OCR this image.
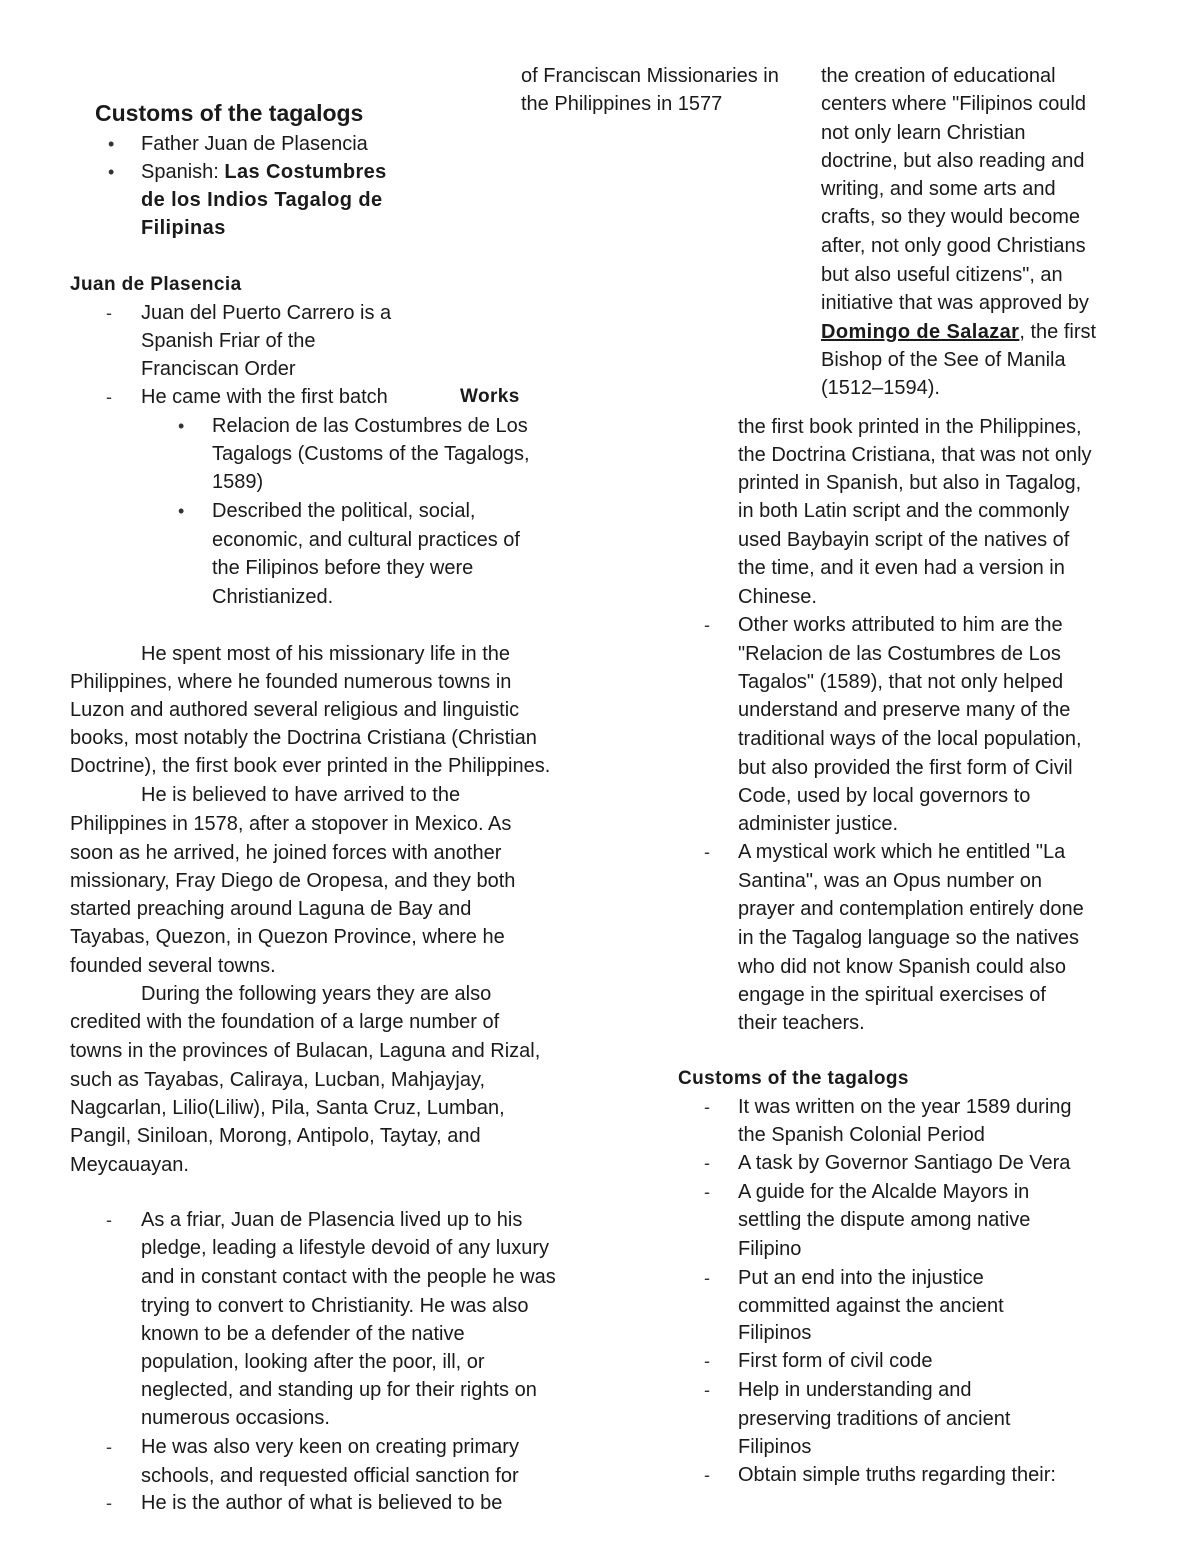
Customs of the tagalogs
• Father Juan de Plasencia
• Spanish: Las Costumbres
de los Indios Tagalog de
Filipinas
Juan de Plasencia
- Juan del Puerto Carrero is a
Spanish Friar of the
Franciscan Order
- He came with the first batch	Works
• Relacion de las Costumbres de Los
Tagalogs (Customs of the Tagalogs,
1589)
• Described the political, social,
economic, and cultural practices of
the Filipinos before they were
Christianized.
He spent most of his missionary life in the
Philippines, where he founded numerous towns in
Luzon and authored several religious and linguistic
books, most notably the Doctrina Cristiana (Christian
Doctrine), the first book ever printed in the Philippines.
He is believed to have arrived to the
Philippines in 1578, after a stopover in Mexico. As
soon as he arrived, he joined forces with another
missionary, Fray Diego de Oropesa, and they both
started preaching around Laguna de Bay and
Tayabas, Quezon, in Quezon Province, where he
founded several towns.
During the following years they are also
credited with the foundation of a large number of
towns in the provinces of Bulacan, Laguna and Rizal,
such as Tayabas, Caliraya, Lucban, Mahjayjay,
Nagcarlan, Lilio(Liliw), Pila, Santa Cruz, Lumban,
Pangil, Siniloan, Morong, Antipolo, Taytay, and
Meycauayan.
- As a friar, Juan de Plasencia lived up to his
pledge, leading a lifestyle devoid of any luxury
and in constant contact with the people he was
trying to convert to Christianity. He was also
known to be a defender of the native
population, looking after the poor, ill, or
neglected, and standing up for their rights on
numerous occasions.
- He was also very keen on creating primary
schools, and requested official sanction for
- He is the author of what is believed to be
of Franciscan Missionaries in
the Philippines in 1577
the creation of educational
centers where "Filipinos could
not only learn Christian
doctrine, but also reading and
writing, and some arts and
crafts, so they would become
after, not only good Christians
but also useful citizens", an
initiative that was approved by
Domingo de Salazar, the first
Bishop of the See of Manila
(1512–1594).
the first book printed in the Philippines,
the Doctrina Cristiana, that was not only
printed in Spanish, but also in Tagalog,
in both Latin script and the commonly
used Baybayin script of the natives of
the time, and it even had a version in
Chinese.
- Other works attributed to him are the
"Relacion de las Costumbres de Los
Tagalos" (1589), that not only helped
understand and preserve many of the
traditional ways of the local population,
but also provided the first form of Civil
Code, used by local governors to
administer justice.
- A mystical work which he entitled "La
Santina", was an Opus number on
prayer and contemplation entirely done
in the Tagalog language so the natives
who did not know Spanish could also
engage in the spiritual exercises of
their teachers.
Customs of the tagalogs
- It was written on the year 1589 during
the Spanish Colonial Period
- A task by Governor Santiago De Vera
- A guide for the Alcalde Mayors in
settling the dispute among native
Filipino
- Put an end into the injustice
committed against the ancient
Filipinos
- First form of civil code
- Help in understanding and
preserving traditions of ancient
Filipinos
- Obtain simple truths regarding their:
